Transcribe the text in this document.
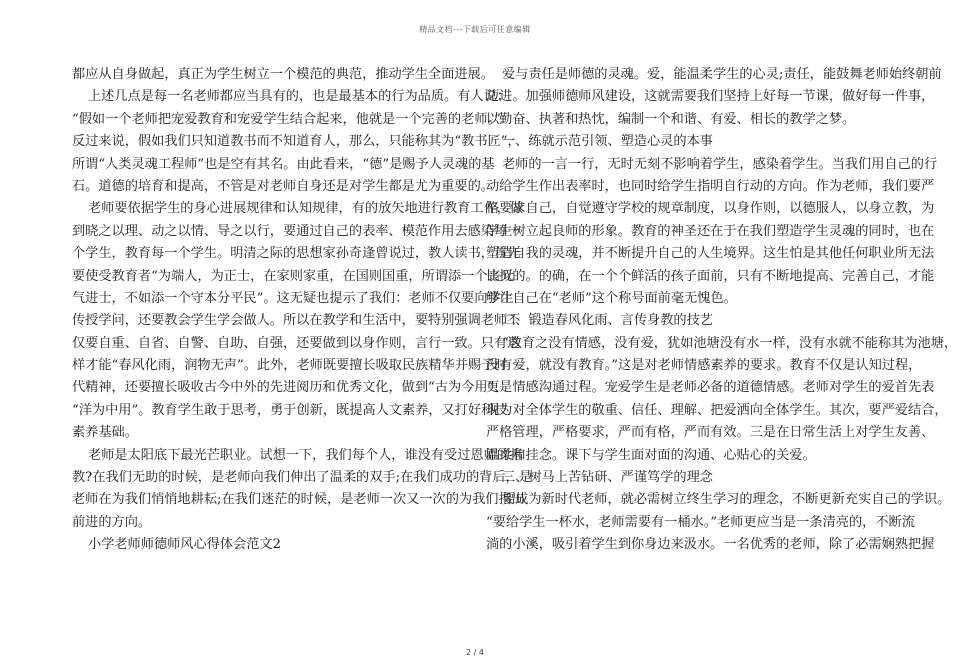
精品文档---下载后可任意编辑
都应从自身做起，真正为学生树立一个模范的典范，推动学生全面进展。
上述几点是每一名老师都应当具有的，也是最基本的行为品质。有人说：
“假如一个老师把宠爱教育和宠爱学生结合起来，他就是一个完善的老师。”
反过来说，假如我们只知道教书而不知道育人，那么，只能称其为“教书匠”，
所谓“人类灵魂工程师”也是空有其名。由此看来，“德”是赐予人灵魂的基
石。道德的培育和提高，不管是对老师自身还是对学生都是尤为重要的。
老师要依据学生的身心进展规律和认知规律，有的放矢地进行教育工作，做
到晓之以理、动之以情、导之以行，要通过自己的表率、模范作用去感染每一
个学生，教育每一个学生。明清之际的思想家孙奇逢曾说过，教人读书，首先
要使受教育者“为端人，为正士，在家则家重，在国则国重，所谓添一个丧元
气进士，不如添一个守本分平民”。这无疑也提示了我们：老师不仅要向学生
传授学问，还要教会学生学会做人。所以在教学和生活中，要特别强调老师不
仅要自重、自省、自警、自助、自强，还要做到以身作则，言行一致。只有这
样才能“春风化雨，润物无声”。此外，老师既要擅长吸取民族精华并赐予时
代精神，还要擅长吸收古今中外的先进阅历和优秀文化，做到“古为今用”、
“洋为中用”。教育学生敢于思考，勇于创新，既提高人文素养，又打好科技
素养基础。
老师是太阳底下最光芒职业。试想一下，我们每个人，谁没有受过恩师的指
教?在我们无助的时候，是老师向我们伸出了温柔的双手;在我们成功的背后，是
老师在为我们悄悄地耕耘;在我们迷茫的时候，是老师一次又一次的为我们指出
前进的方向。
小学老师师德师风心得体会范文2
爱与责任是师德的灵魂。爱，能温柔学生的心灵;责任，能鼓舞老师始终朝前
迈进。加强师德师风建设，这就需要我们坚持上好每一节课，做好每一件事，
以勤奋、执著和热忱，编制一个和谐、有爱、相长的教学之梦。
一、练就示范引领、塑造心灵的本事
老师的一言一行，无时无刻不影响着学生，感染着学生。当我们用自己的行
动给学生作出表率时，也同时给学生指明自行动的方向。作为老师，我们要严
格要求自己，自觉遵守学校的规章制度，以身作则，以德服人，以身立教，为
学生树立起良师的形象。教育的神圣还在于在我们塑造学生灵魂的同时，也在
塑造自我的灵魂，并不断提升自己的人生境界。这生怕是其他任何职业所无法
比拟的。的确，在一个个鲜活的孩子面前，只有不断地提高、完善自己，才能
够让自己在“老师”这个称号面前毫无愧色。
二、锻造春风化雨、言传身教的技艺
“教育之没有情感，没有爱，犹如池塘没有水一样，没有水就不能称其为池塘，
没有爱，就没有教育。”这是对老师情感素养的要求。教育不仅是认知过程，
更是情感沟通过程。宠爱学生是老师必备的道德情感。老师对学生的爱首先表
现为对全体学生的敬重、信任、理解、把爱洒向全体学生。其次，要严爱结合，
严格管理，严格要求，严而有格，严而有效。三是在日常生活上对学生友善、
温柔和挂念。课下与学生面对面的沟通、心贴心的关爱。
三、树马上苦钻研、严谨笃学的理念
要成为新时代老师，就必需树立终生学习的理念，不断更新充实自己的学识。
“要给学生一杯水，老师需要有一桶水。”老师更应当是一条清亮的，不断流
淌的小溪，吸引着学生到你身边来汲水。一名优秀的老师，除了必需娴熟把握
2 / 4
